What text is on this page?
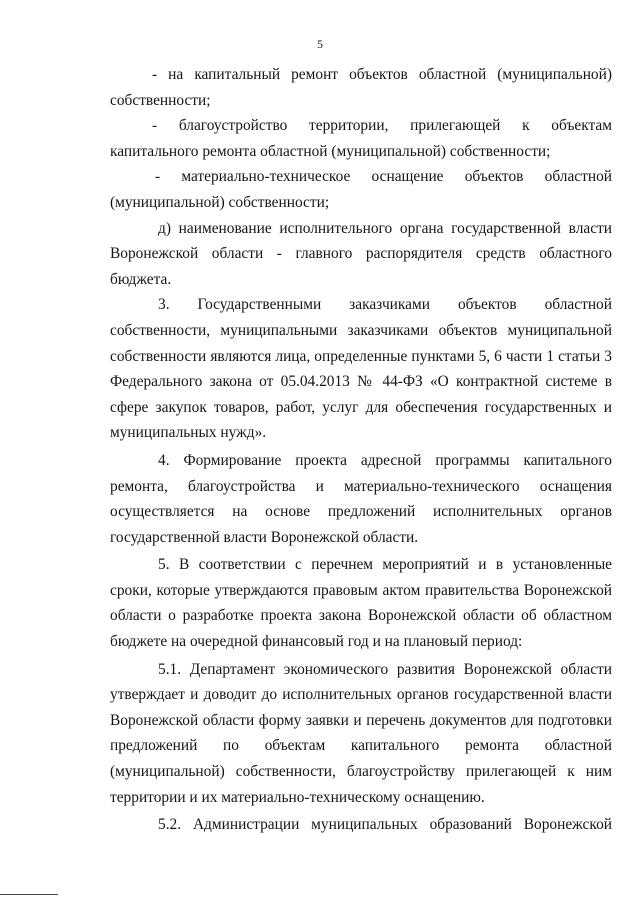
5

- на капитальный ремонт объектов областной (муниципальной) собственности;

- благоустройство территории, прилегающей к объектам капитального ремонта областной (муниципальной) собственности;

- материально-техническое оснащение объектов областной

(муниципальной) собственности;

д) наименование исполнительного органа государственной власти Воронежской области - главного распорядителя средств областного бюджета.

3. Государственными заказчиками объектов областной собственности, муниципальными заказчиками объектов муниципальной собственности являются лица, определенные пунктами 5, 6 части 1 статьи 3 Федерального закона от 05.04.2013 № 44-ФЗ «О контрактной системе в сфере закупок товаров, работ, услуг для обеспечения государственных и муниципальных нужд».

4. Формирование проекта адресной программы капитального ремонта, благоустройства и материально-технического оснащения осуществляется на основе предложений исполнительных органов государственной власти Воронежской области.

5. В соответствии с перечнем мероприятий и в установленные сроки, которые утверждаются правовым актом правительства Воронежской области о разработке проекта закона Воронежской области об областном бюджете на очередной финансовый год и на плановый период:

5.1. Департамент экономического развития Воронежской области утверждает и доводит до исполнительных органов государственной власти Воронежской области форму заявки и перечень документов для подготовки предложений по объектам капитального ремонта областной (муниципальной) собственности, благоустройству прилегающей к ним территории и их материально-техническому оснащению.

5.2. Администрации муниципальных образований Воронежской
